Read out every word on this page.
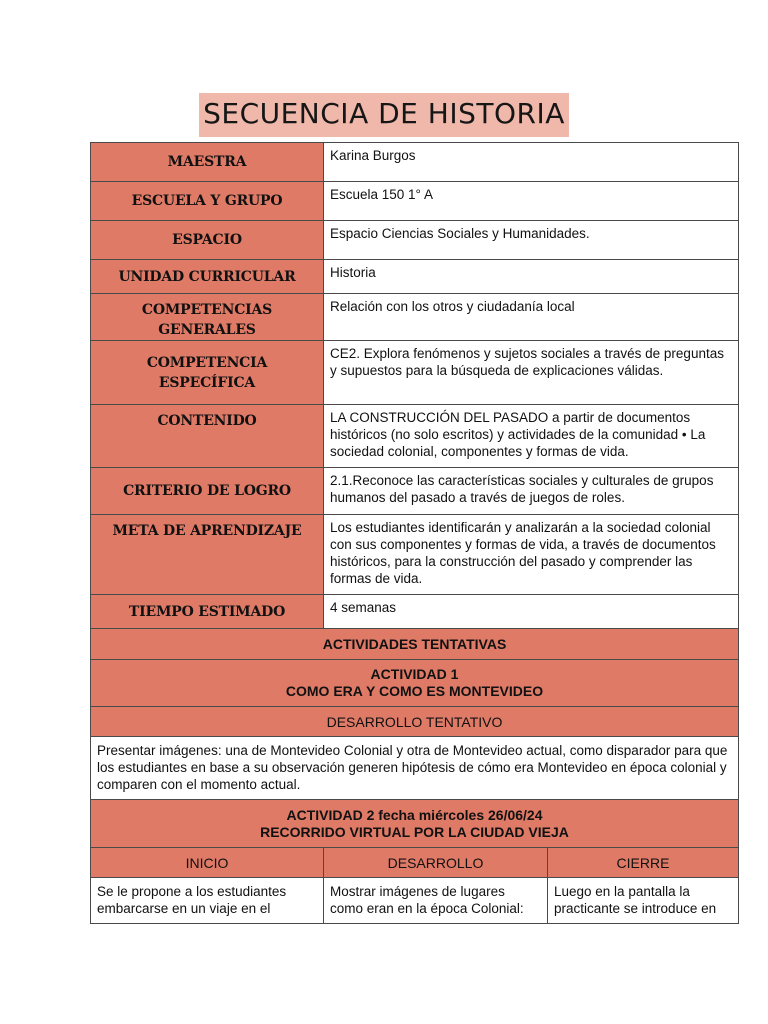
SECUENCIA DE HISTORIA
MAESTRA	Karina Burgos	
ESCUELA Y GRUPO	Escuela 150 1° A	
ESPACIO	Espacio Ciencias Sociales y Humanidades.	
UNIDAD CURRICULAR	Historia	
COMPETENCIAS GENERALES	Relación con los otros y ciudadanía local	

COMPETENCIA
ESPECÍFICA	CE2. Explora fenómenos y sujetos sociales a través de preguntas y supuestos para la búsqueda de explicaciones válidas.	
CONTENIDO	LA CONSTRUCCIÓN DEL PASADO a partir de documentos históricos (no solo escritos) y actividades de la comunidad • La sociedad colonial, componentes y formas de vida.	
CRITERIO DE LOGRO	2.1.Reconoce las características sociales y culturales de grupos humanos del pasado a través de juegos de roles.	
META DE APRENDIZAJE	Los estudiantes identificarán y analizarán a la sociedad colonial con sus componentes y formas de vida, a través de documentos históricos, para la construcción del pasado y comprender las formas de vida.	
TIEMPO ESTIMADO	4 semanas	
ACTIVIDADES TENTATIVAS		

ACTIVIDAD 1
COMO ERA Y COMO ES MONTEVIDEO		

DESARROLLO TENTATIVO		
Presentar imágenes: una de Montevideo Colonial y otra de Montevideo actual, como disparador para que los estudiantes en base a su observación generen hipótesis de cómo era Montevideo en época colonial y comparen con el momento actual.		

ACTIVIDAD 2 fecha miércoles 26/06/24
RECORRIDO VIRTUAL POR LA CIUDAD VIEJA		

INICIO	DESARROLLO	CIERRE
Se le propone a los estudiantes embarcarse en un viaje en el	Mostrar imágenes de lugares como eran en la época Colonial:	Luego en la pantalla la practicante se introduce en
